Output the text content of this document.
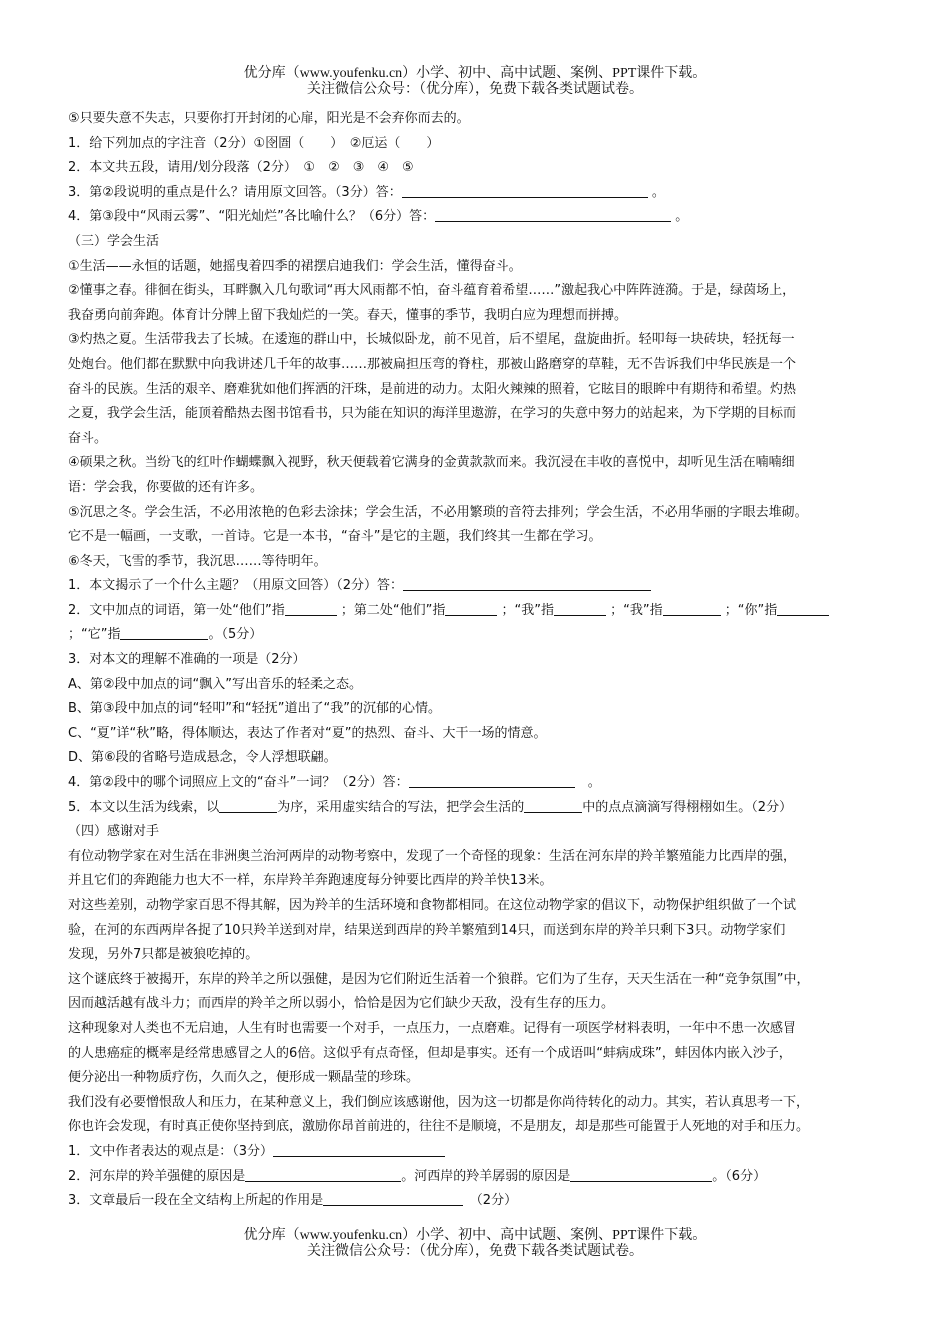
优分库（www.youfenku.cn）小学、初中、高中试题、案例、PPT课件下载。
关注微信公众号：（优分库），免费下载各类试题试卷。
⑤只要失意不失志，只要你打开封闭的心扉，阳光是不会弃你而去的。
1．给下列加点的字注音（2分）①囹圄（　　）　②厄运（　　）
2．本文共五段，请用/划分段落（2分）　①　②　③　④　⑤
3．第②段说明的重点是什么？请用原文回答。（3分）答：	。
4．第③段中“风雨云雾”、“阳光灿烂”各比喻什么？（6分）答：	。
（三）学会生活
①生活——永恒的话题，她摇曳着四季的裙摆启迪我们：学会生活，懂得奋斗。
②懂事之春。徘徊在街头，耳畔飘入几句歌词“再大风雨都不怕，奋斗蕴育着希望……”激起我心中阵阵涟漪。于是，绿茵场上，
我奋勇向前奔跑。体育计分牌上留下我灿烂的一笑。春天，懂事的季节，我明白应为理想而拼搏。
③灼热之夏。生活带我去了长城。在逶迤的群山中，长城似卧龙，前不见首，后不望尾，盘旋曲折。轻叩每一块砖块，轻抚每一
处炮台。他们都在默默中向我讲述几千年的故事……那被扁担压弯的脊柱，那被山路磨穿的草鞋，无不告诉我们中华民族是一个
奋斗的民族。生活的艰辛、磨难犹如他们挥洒的汗珠，是前进的动力。太阳火辣辣的照着，它眩目的眼眸中有期待和希望。灼热
之夏，我学会生活，能顶着酷热去图书馆看书，只为能在知识的海洋里遨游，在学习的失意中努力的站起来，为下学期的目标而
奋斗。
④硕果之秋。当纷飞的红叶作蝴蝶飘入视野，秋天便载着它满身的金黄款款而来。我沉浸在丰收的喜悦中，却听见生活在喃喃细
语：学会我，你要做的还有许多。
⑤沉思之冬。学会生活，不必用浓艳的色彩去涂抹；学会生活，不必用繁琐的音符去排列；学会生活，不必用华丽的字眼去堆砌。
它不是一幅画，一支歌，一首诗。它是一本书，“奋斗”是它的主题，我们终其一生都在学习。
⑥冬天，飞雪的季节，我沉思……等待明年。
1．本文揭示了一个什么主题？（用原文回答）（2分）答：
2．文中加点的词语，第一处“他们”指	；第二处“他们”指	；“我”指	；“我”指	；“你”指
；“它”指	。（5分）
3．对本文的理解不准确的一项是（2分）
A、第②段中加点的词“飘入”写出音乐的轻柔之态。
B、第③段中加点的词“轻叩”和“轻抚”道出了“我”的沉郁的心情。
C、“夏”详“秋”略，得体顺达，表达了作者对“夏”的热烈、奋斗、大干一场的情意。
D、第⑥段的省略号造成悬念，令人浮想联翩。
4．第②段中的哪个词照应上文的“奋斗”一词？（2分）答：　	。
5．本文以生活为线索，以	为序，采用虚实结合的写法，把学会生活的	中的点点滴滴写得栩栩如生。（2分）
（四）感谢对手
有位动物学家在对生活在非洲奥兰治河两岸的动物考察中，发现了一个奇怪的现象：生活在河东岸的羚羊繁殖能力比西岸的强，
并且它们的奔跑能力也大不一样，东岸羚羊奔跑速度每分钟要比西岸的羚羊快13米。
对这些差别，动物学家百思不得其解，因为羚羊的生活环境和食物都相同。在这位动物学家的倡议下，动物保护组织做了一个试
验，在河的东西两岸各捉了10只羚羊送到对岸，结果送到西岸的羚羊繁殖到14只，而送到东岸的羚羊只剩下3只。动物学家们
发现，另外7只都是被狼吃掉的。
这个谜底终于被揭开，东岸的羚羊之所以强健，是因为它们附近生活着一个狼群。它们为了生存，天天生活在一种“竞争氛围”中，
因而越活越有战斗力；而西岸的羚羊之所以弱小，恰恰是因为它们缺少天敌，没有生存的压力。
这种现象对人类也不无启迪，人生有时也需要一个对手，一点压力，一点磨难。记得有一项医学材料表明，一年中不患一次感冒
的人患癌症的概率是经常患感冒之人的6倍。这似乎有点奇怪，但却是事实。还有一个成语叫“蚌病成珠”，蚌因体内嵌入沙子，
便分泌出一种物质疗伤，久而久之，便形成一颗晶莹的珍珠。
我们没有必要憎恨敌人和压力，在某种意义上，我们倒应该感谢他，因为这一切都是你尚待转化的动力。其实，若认真思考一下，
你也许会发现，有时真正使你坚持到底，激励你昂首前进的，往往不是顺境，不是朋友，却是那些可能置于人死地的对手和压力。
1．文中作者表达的观点是：（3分）
2．河东岸的羚羊强健的原因是	。河西岸的羚羊孱弱的原因是	。（6分）
3．文章最后一段在全文结构上所起的作用是　	（2分）
优分库（www.youfenku.cn）小学、初中、高中试题、案例、PPT课件下载。
关注微信公众号：（优分库），免费下载各类试题试卷。
